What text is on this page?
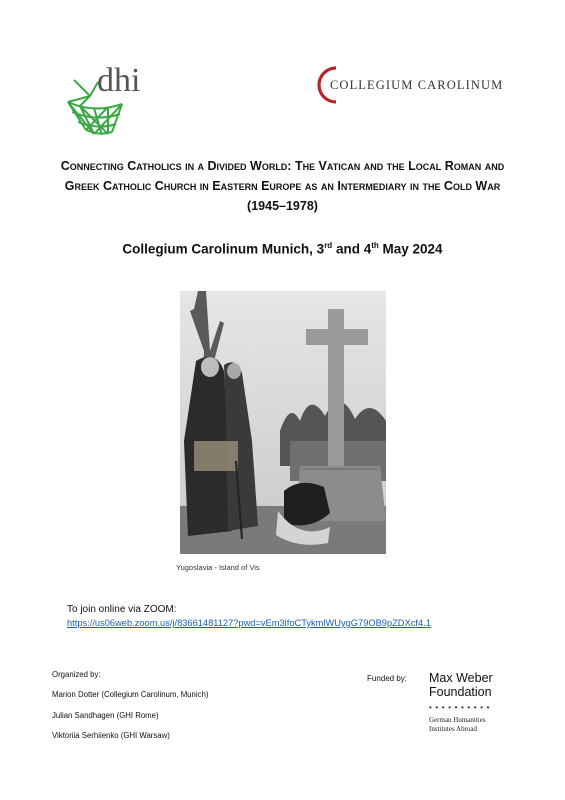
dhi	COLLEGIUM CAROLINUM
Connecting Catholics in a Divided World: The Vatican and the Local Roman and
Greek Catholic Church in Eastern Europe as an Intermediary in the Cold War
(1945–1978)
Collegium Carolinum Munich, 3rd and 4th May 2024
Yugoslavia - Island of Vis
To join online via ZOOM:
https://us06web.zoom.us/j/83661481127?pwd=vEm3lfoCTykmlWUygG79OB9pZDXcf4.1
Organized by:
Marion Dotter (Collegium Carolinum, Munich)
Julian Sandhagen (GHI Rome)
Viktoriia Serhiienko (GHI Warsaw)
Funded by: Max Weber
Foundation
••••••••••
German Humanities
Institutes Abroad
